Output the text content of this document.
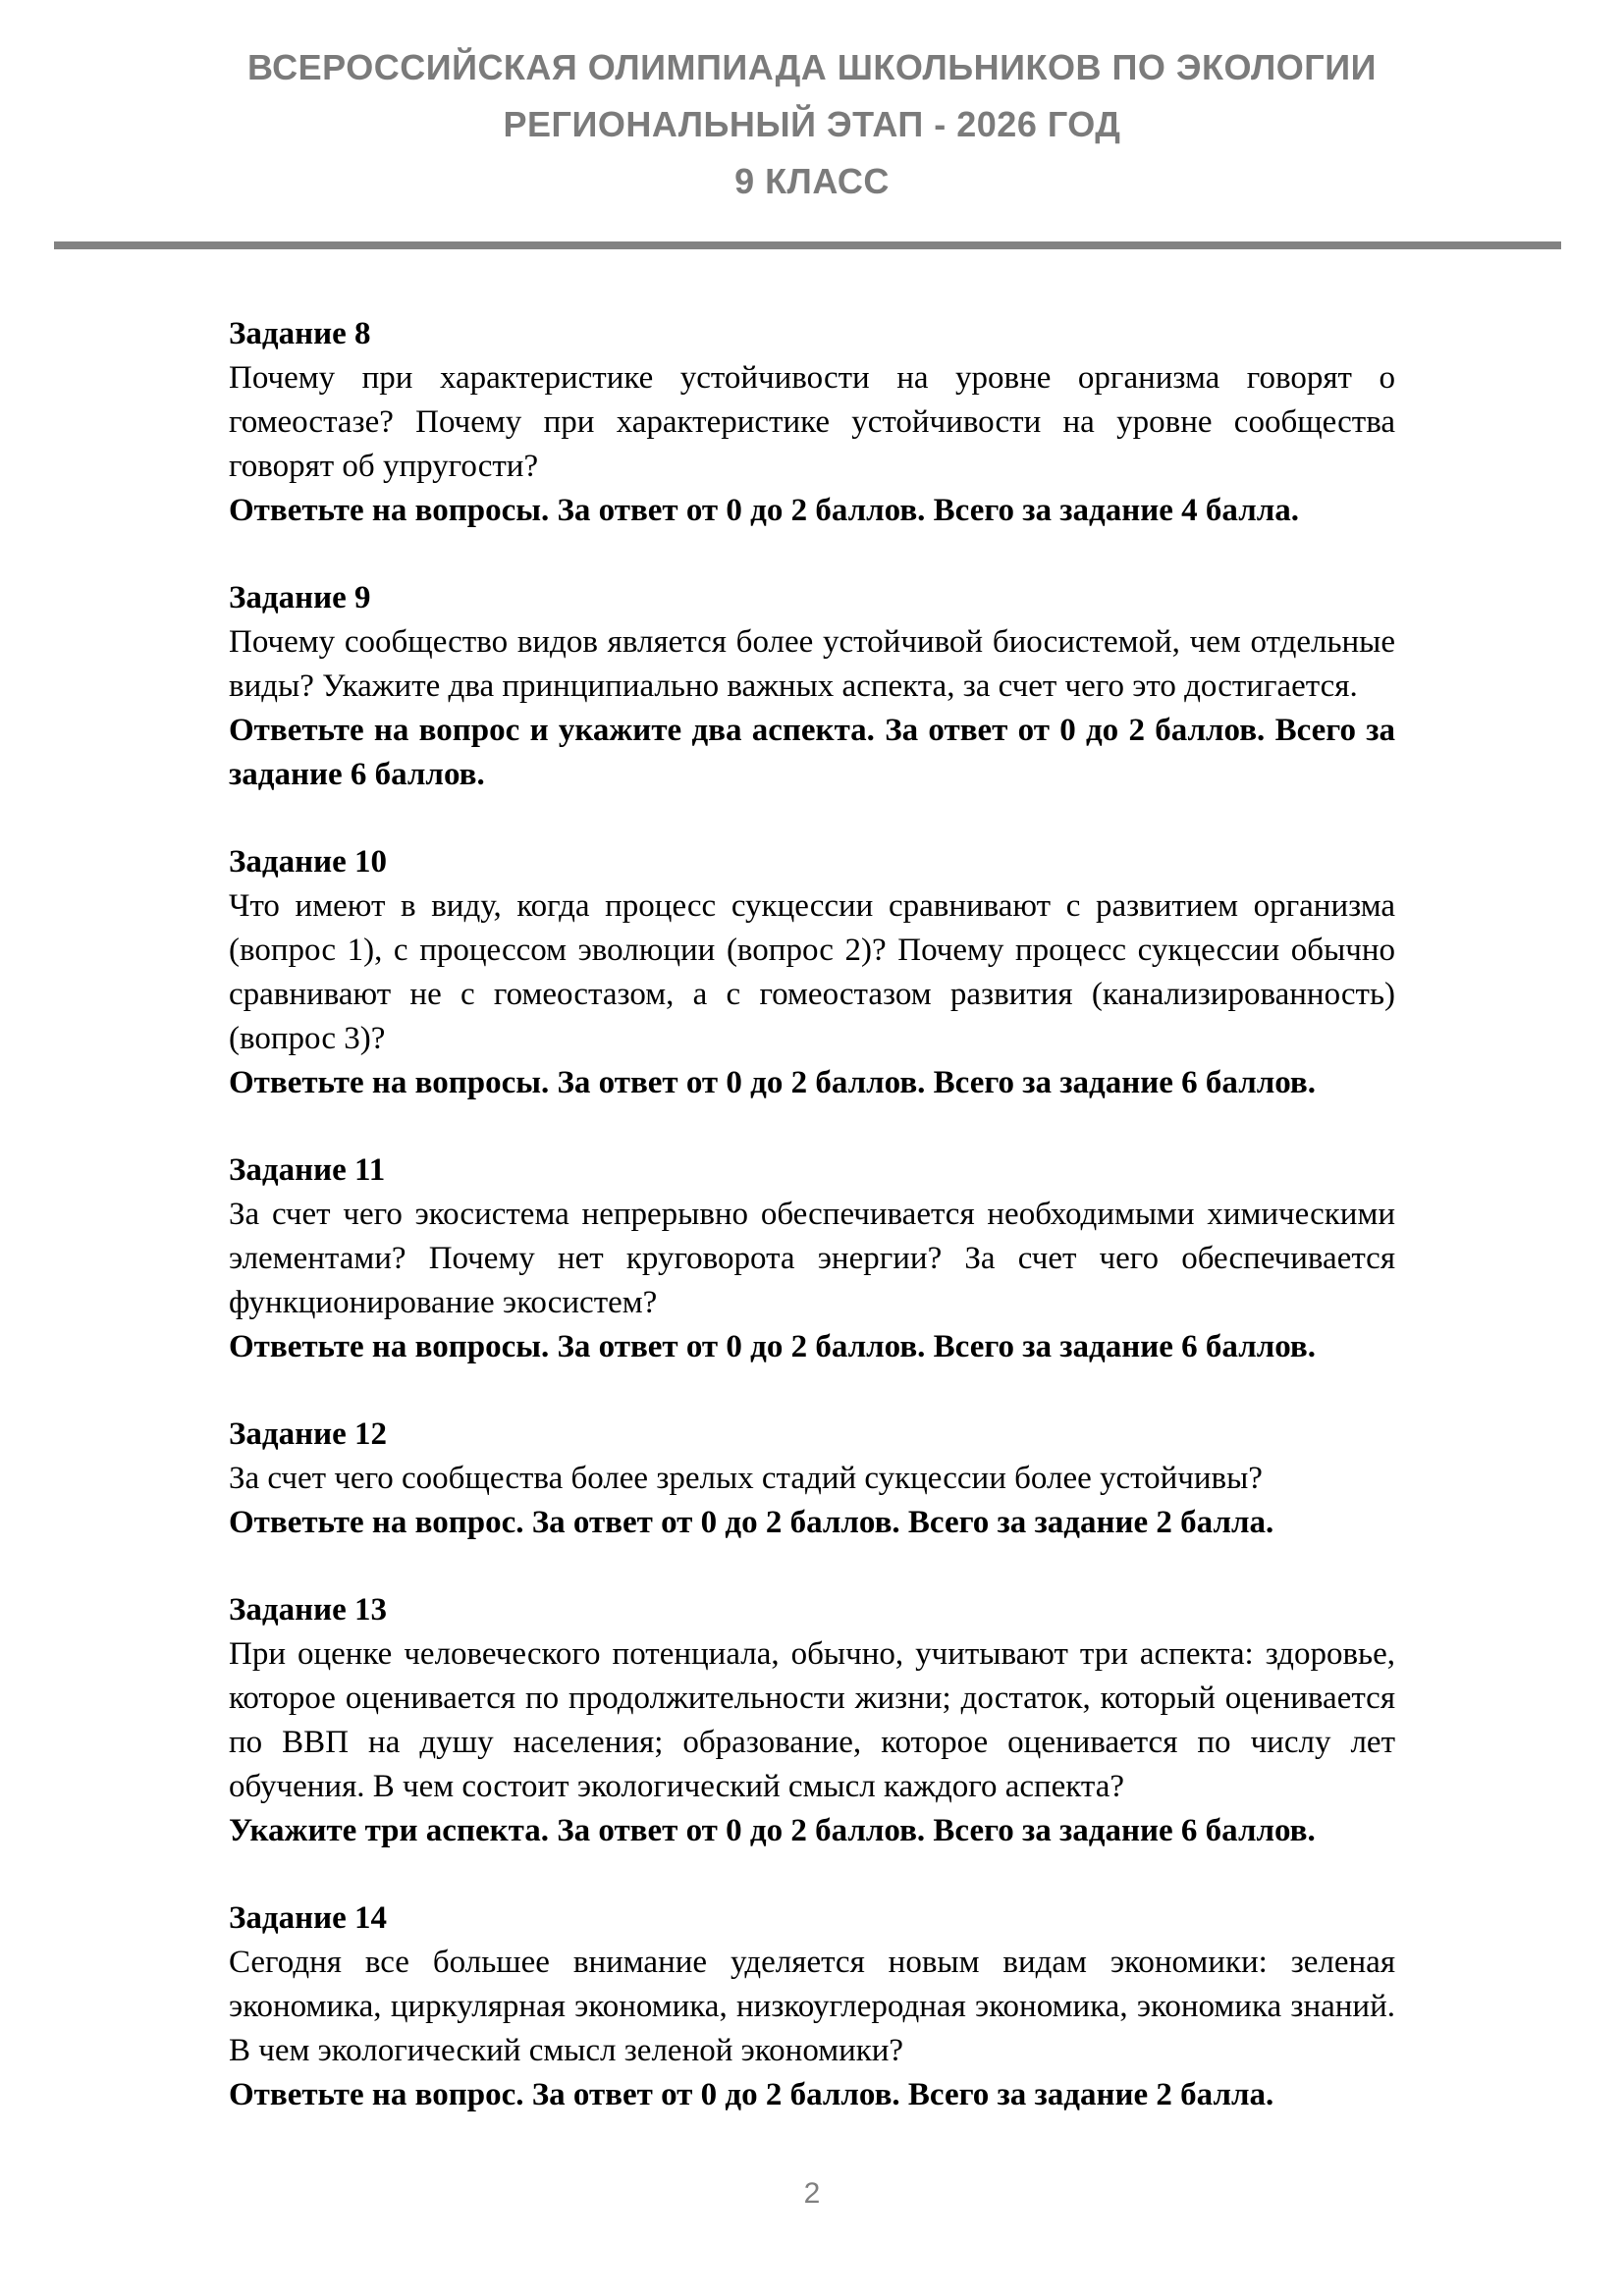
ВСЕРОССИЙСКАЯ ОЛИМПИАДА ШКОЛЬНИКОВ ПО ЭКОЛОГИИ
РЕГИОНАЛЬНЫЙ ЭТАП - 2026 ГОД
9 КЛАСС
Задание 8

Почему при характеристике устойчивости на уровне организма говорят о гомеостазе? Почему при характеристике устойчивости на уровне сообщества говорят об упругости?

Ответьте на вопросы. За ответ от 0 до 2 баллов. Всего за задание 4 балла.

Задание 9

Почему сообщество видов является более устойчивой биосистемой, чем отдельные виды? Укажите два принципиально важных аспекта, за счет чего это достигается.

Ответьте на вопрос и укажите два аспекта. За ответ от 0 до 2 баллов. Всего за задание 6 баллов.

Задание 10

Что имеют в виду, когда процесс сукцессии сравнивают с развитием организма (вопрос 1), с процессом эволюции (вопрос 2)? Почему процесс сукцессии обычно сравнивают не с гомеостазом, а с гомеостазом развития (канализированность) (вопрос 3)?

Ответьте на вопросы. За ответ от 0 до 2 баллов. Всего за задание 6 баллов.

Задание 11

За счет чего экосистема непрерывно обеспечивается необходимыми химическими элементами? Почему нет круговорота энергии? За счет чего обеспечивается функционирование экосистем?

Ответьте на вопросы. За ответ от 0 до 2 баллов. Всего за задание 6 баллов.

Задание 12

За счет чего сообщества более зрелых стадий сукцессии более устойчивы?

Ответьте на вопрос. За ответ от 0 до 2 баллов. Всего за задание 2 балла.

Задание 13

При оценке человеческого потенциала, обычно, учитывают три аспекта: здоровье, которое оценивается по продолжительности жизни; достаток, который оценивается по ВВП на душу населения; образование, которое оценивается по числу лет обучения. В чем состоит экологический смысл каждого аспекта?

Укажите три аспекта. За ответ от 0 до 2 баллов. Всего за задание 6 баллов.

Задание 14

Сегодня все большее внимание уделяется новым видам экономики: зеленая экономика, циркулярная экономика, низкоуглеродная экономика, экономика знаний. В чем экологический смысл зеленой экономики?

Ответьте на вопрос. За ответ от 0 до 2 баллов. Всего за задание 2 балла.

2
